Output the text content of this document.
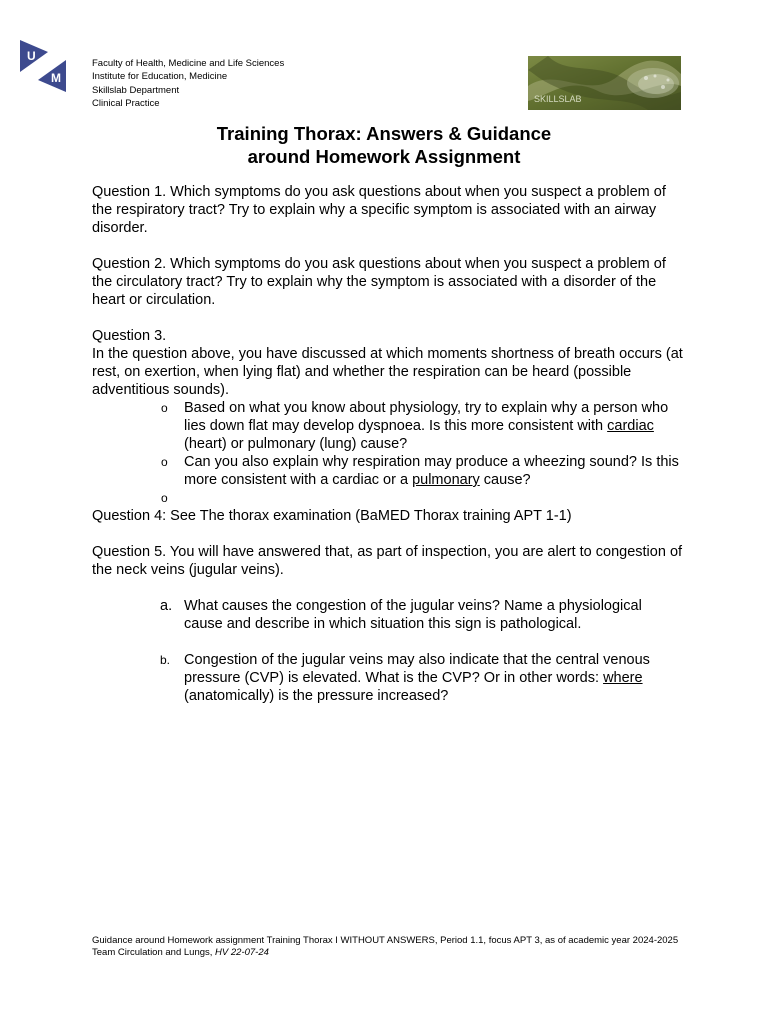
U
M
Faculty of Health, Medicine and Life Sciences
Institute for Education, Medicine
Skillslab Department
Clinical Practice	SKILLSLAB
Training Thorax: Answers & Guidance
around Homework Assignment

Question 1. Which symptoms do you ask questions about when you suspect a problem of the respiratory tract? Try to explain why a specific symptom is associated with an airway disorder.

Question 2. Which symptoms do you ask questions about when you suspect a problem of the circulatory tract? Try to explain why the symptom is associated with a disorder of the heart or circulation.

Question 3.

In the question above, you have discussed at which moments shortness of breath occurs (at rest, on exertion, when lying flat) and whether the respiration can be heard (possible adventitious sounds).

o Based on what you know about physiology, try to explain why a person who lies down flat may develop dyspnoea. Is this more consistent with cardiac (heart) or pulmonary (lung) cause?
o Can you also explain why respiration may produce a wheezing sound? Is this more consistent with a cardiac or a pulmonary cause?
o

Question 4: See The thorax examination (BaMED Thorax training APT 1-1)

Question 5. You will have answered that, as part of inspection, you are alert to congestion of the neck veins (jugular veins).

a. What causes the congestion of the jugular veins? Name a physiological cause and describe in which situation this sign is pathological.
b. Congestion of the jugular veins may also indicate that the central venous pressure (CVP) is elevated. What is the CVP? Or in other words: where (anatomically) is the pressure increased?
Guidance around Homework assignment Training Thorax I WITHOUT ANSWERS, Period 1.1, focus APT 3, as of academic year 2024-2025
Team Circulation and Lungs, HV 22-07-24
